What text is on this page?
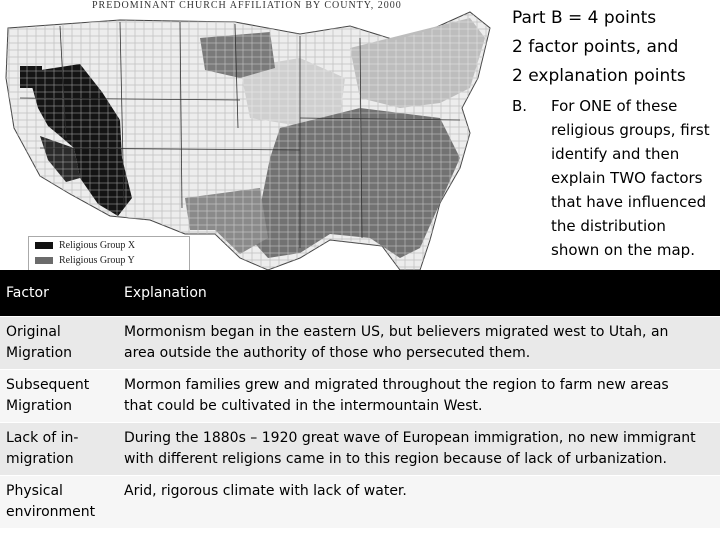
PREDOMINANT CHURCH AFFILIATION BY COUNTY, 2000
Religious Group X
Religious Group Y
Part B = 4 points
2 factor points, and
2 explanation points
B. For ONE of these religious groups, first identify and then explain TWO factors that have influenced the distribution shown on the map.
Factor	Explanation
Original Migration	Mormonism began in the eastern US, but believers migrated west to Utah, an
area outside the authority of those who persecuted them.

Subsequent Migration	Mormon families grew and migrated throughout the region to farm new areas
that could be cultivated in the intermountain West.

Lack of in-migration	During the 1880s – 1920 great wave of European immigration, no new immigrant
with different religions came in to this region because of lack of urbanization.

Physical environment	Arid, rigorous climate with lack of water.
